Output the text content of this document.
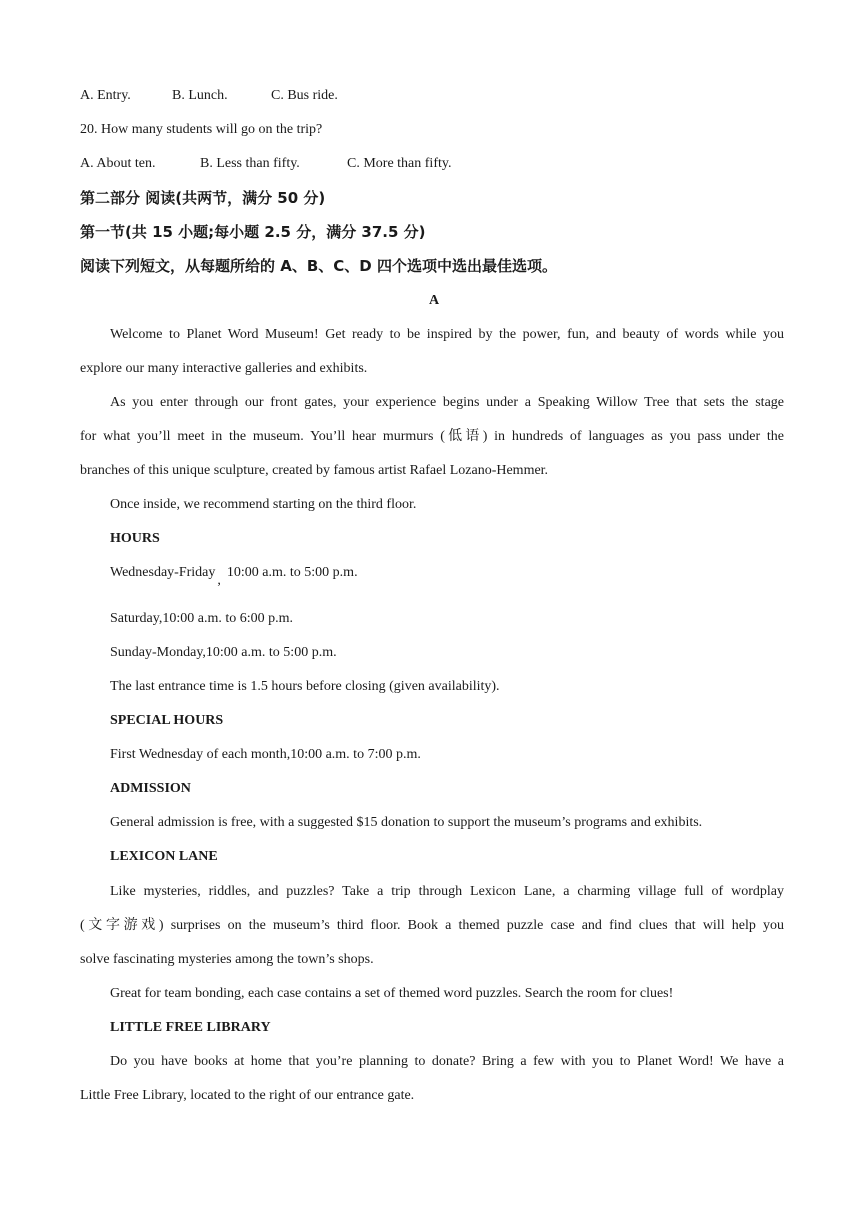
A. Entry.	B. Lunch.	C. Bus ride.
20. How many students will go on the trip?
A. About ten.	B. Less than fifty.	C. More than fifty.
第二部分 阅读(共两节，满分 50 分)
第一节(共 15 小题;每小题 2.5 分，满分 37.5 分)
阅读下列短文，从每题所给的 A、B、C、D 四个选项中选出最佳选项。
A
Welcome to Planet Word Museum! Get ready to be inspired by the power, fun, and beauty of words while you
explore our many interactive galleries and exhibits.
As you enter through our front gates, your experience begins under a Speaking Willow Tree that sets the stage
for what you’ll meet in the museum. You’ll hear murmurs (低语) in hundreds of languages as you pass under the
branches of this unique sculpture, created by famous artist Rafael Lozano-Hemmer.
Once inside, we recommend starting on the third floor.
HOURS
Wednesday-Friday,10:00 a.m. to 5:00 p.m.
Saturday,10:00 a.m. to 6:00 p.m.
Sunday-Monday,10:00 a.m. to 5:00 p.m.
The last entrance time is 1.5 hours before closing (given availability).
SPECIAL HOURS
First Wednesday of each month,10:00 a.m. to 7:00 p.m.
ADMISSION
General admission is free, with a suggested $15 donation to support the museum’s programs and exhibits.
LEXICON LANE
Like mysteries, riddles, and puzzles? Take a trip through Lexicon Lane, a charming village full of wordplay
(文字游戏) surprises on the museum’s third floor. Book a themed puzzle case and find clues that will help you
solve fascinating mysteries among the town’s shops.
Great for team bonding, each case contains a set of themed word puzzles. Search the room for clues!
LITTLE FREE LIBRARY
Do you have books at home that you’re planning to donate? Bring a few with you to Planet Word! We have a
Little Free Library, located to the right of our entrance gate.
